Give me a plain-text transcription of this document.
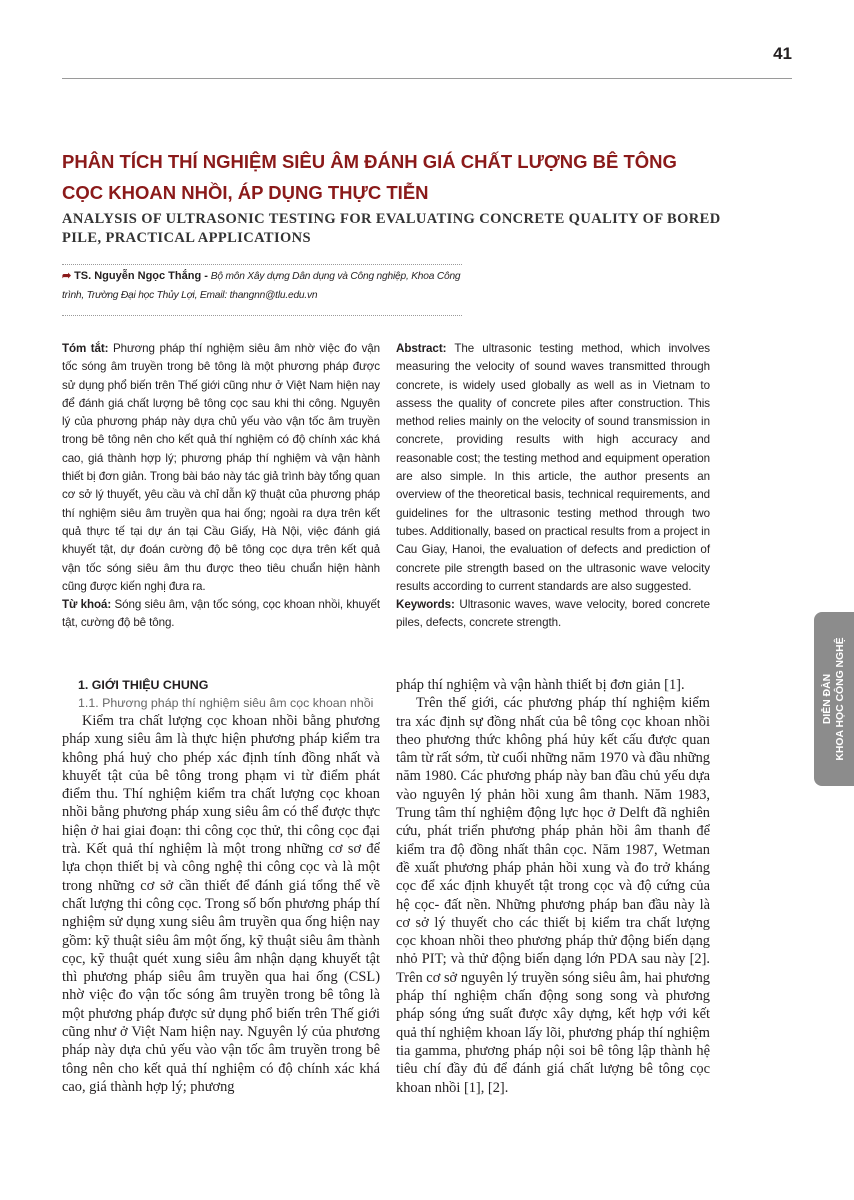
41
PHÂN TÍCH THÍ NGHIỆM SIÊU ÂM ĐÁNH GIÁ CHẤT LƯỢNG BÊ TÔNG CỌC KHOAN NHỒI, ÁP DỤNG THỰC TIỄN
ANALYSIS OF ULTRASONIC TESTING FOR EVALUATING CONCRETE QUALITY OF BORED PILE, PRACTICAL APPLICATIONS
➦ TS. Nguyễn Ngọc Thắng - Bộ môn Xây dựng Dân dụng và Công nghiệp, Khoa Công trình, Trường Đại học Thủy Lợi, Email: thangnn@tlu.edu.vn

Tóm tắt: Phương pháp thí nghiệm siêu âm nhờ việc đo vận tốc sóng âm truyền trong bê tông là một phương pháp được sử dụng phổ biến trên Thế giới cũng như ở Việt Nam hiện nay để đánh giá chất lượng bê tông cọc sau khi thi công. Nguyên lý của phương pháp này dựa chủ yếu vào vận tốc âm truyền trong bê tông nên cho kết quả thí nghiệm có độ chính xác khá cao, giá thành hợp lý; phương pháp thí nghiệm và vận hành thiết bị đơn giản. Trong bài báo này tác giả trình bày tổng quan cơ sở lý thuyết, yêu cầu và chỉ dẫn kỹ thuật của phương pháp thí nghiệm siêu âm truyền qua hai ống; ngoài ra dựa trên kết quả thực tế tại dự án tại Cầu Giấy, Hà Nội, việc đánh giá khuyết tật, dự đoán cường độ bê tông cọc dựa trên kết quả vận tốc sóng siêu âm thu được theo tiêu chuẩn hiện hành cũng được kiến nghị đưa ra.

Từ khoá: Sóng siêu âm, vận tốc sóng, cọc khoan nhồi, khuyết tật, cường độ bê tông.

Abstract: The ultrasonic testing method, which involves measuring the velocity of sound waves transmitted through concrete, is widely used globally as well as in Vietnam to assess the quality of concrete piles after construction. This method relies mainly on the velocity of sound transmission in concrete, providing results with high accuracy and reasonable cost; the testing method and equipment operation are also simple. In this article, the author presents an overview of the theoretical basis, technical requirements, and guidelines for the ultrasonic testing method through two tubes. Additionally, based on practical results from a project in Cau Giay, Hanoi, the evaluation of defects and prediction of concrete pile strength based on the ultrasonic wave velocity results according to current standards are also suggested.

Keywords: Ultrasonic waves, wave velocity, bored concrete piles, defects, concrete strength.

1. GIỚI THIỆU CHUNG
1.1. Phương pháp thí nghiệm siêu âm cọc khoan nhồi

Kiểm tra chất lượng cọc khoan nhồi bằng phương pháp xung siêu âm là thực hiện phương pháp kiểm tra không phá huỷ cho phép xác định tính đồng nhất và khuyết tật của bê tông trong phạm vi từ điểm phát điểm thu. Thí nghiệm kiểm tra chất lượng cọc khoan nhồi bằng phương pháp xung siêu âm có thể được thực hiện ở hai giai đoạn: thi công cọc thử, thi công cọc đại trà. Kết quả thí nghiệm là một trong những cơ sơ để lựa chọn thiết bị và công nghệ thi công cọc và là một trong những cơ sở cần thiết để đánh giá tổng thể về chất lượng thi công cọc. Trong số bốn phương pháp thí nghiệm sử dụng xung siêu âm truyền qua ống hiện nay gồm: kỹ thuật siêu âm một ống, kỹ thuật siêu âm thành cọc, kỹ thuật quét xung siêu âm nhận dạng khuyết tật thì phương pháp siêu âm truyền qua hai ống (CSL) nhờ việc đo vận tốc sóng âm truyền trong bê tông là một phương pháp được sử dụng phổ biến trên Thế giới cũng như ở Việt Nam hiện nay. Nguyên lý của phương pháp này dựa chủ yếu vào vận tốc âm truyền trong bê tông nên cho kết quả thí nghiệm có độ chính xác khá cao, giá thành hợp lý; phương

pháp thí nghiệm và vận hành thiết bị đơn giản [1].

Trên thế giới, các phương pháp thí nghiệm kiểm tra xác định sự đồng nhất của bê tông cọc khoan nhồi theo phương thức không phá hủy kết cấu được quan tâm từ rất sớm, từ cuối những năm 1970 và đầu những năm 1980. Các phương pháp này ban đầu chủ yếu dựa vào nguyên lý phản hồi xung âm thanh. Năm 1983, Trung tâm thí nghiệm động lực học ở Delft đã nghiên cứu, phát triển phương pháp phản hồi âm thanh để kiểm tra độ đồng nhất thân cọc. Năm 1987, Wetman đề xuất phương pháp phản hồi xung và đo trở kháng cọc để xác định khuyết tật trong cọc và độ cứng của hệ cọc- đất nền. Những phương pháp ban đầu này là cơ sở lý thuyết cho các thiết bị kiểm tra chất lượng cọc khoan nhồi theo phương pháp thử động biến dạng nhỏ PIT; và thử động biến dạng lớn PDA sau này [2]. Trên cơ sở nguyên lý truyền sóng siêu âm, hai phương pháp thí nghiệm chấn động song song và phương pháp sóng ứng suất được xây dựng, kết hợp với kết quả thí nghiệm khoan lấy lõi, phương pháp thí nghiệm tia gamma, phương pháp nội soi bê tông lập thành hệ tiêu chí đầy đủ để đánh giá chất lượng bê tông cọc khoan nhồi [1], [2].

DIỄN ĐÀN KHOA HỌC CÔNG NGHỆ
